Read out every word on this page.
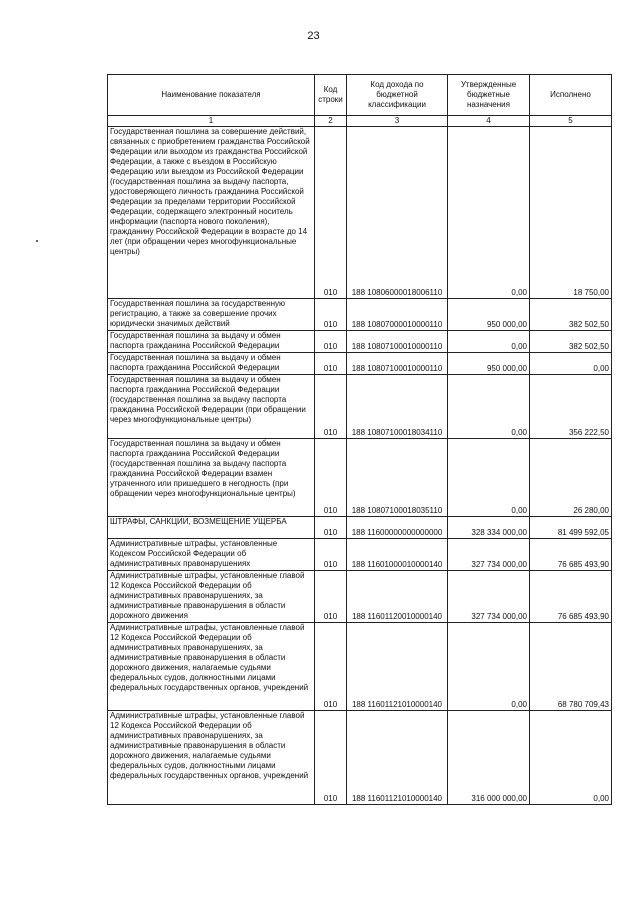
23
Наименование показателя	Код строки	Код дохода по бюджетной классификации	Утвержденные бюджетные назначения	Исполнено
1	2	3	4	5
Государственная пошлина за совершение действий, связанных с приобретением гражданства Российской Федерации или выходом из гражданства Российской Федерации, а также с въездом в Российскую Федерацию или выездом из Российской Федерации (государственная пошлина за выдачу паспорта, удостоверяющего личность гражданина Российской Федерации за пределами территории Российской Федерации, содержащего электронный носитель информации (паспорта нового поколения), гражданину Российской Федерации в возрасте до 14 лет (при обращении через многофункциональные центры)	010	188 10806000018006110	0,00	18 750,00
Государственная пошлина за государственную регистрацию, а также за совершение прочих юридически значимых действий	010	188 10807000010000110	950 000,00	382 502,50
Государственная пошлина за выдачу и обмен паспорта гражданина Российской Федерации	010	188 10807100010000110	0,00	382 502,50
Государственная пошлина за выдачу и обмен паспорта гражданина Российской Федерации	010	188 10807100010000110	950 000,00	0,00
Государственная пошлина за выдачу и обмен паспорта гражданина Российской Федерации (государственная пошлина за выдачу паспорта гражданина Российской Федерации (при обращении через многофункциональные центры)	010	188 10807100018034110	0,00	356 222,50
Государственная пошлина за выдачу и обмен паспорта гражданина Российской Федерации (государственная пошлина за выдачу паспорта гражданина Российской Федерации взамен утраченного или пришедшего в негодность (при обращении через многофункциональные центры)	010	188 10807100018035110	0,00	26 280,00
ШТРАФЫ, САНКЦИИ, ВОЗМЕЩЕНИЕ УЩЕРБА	010	188 11600000000000000	328 334 000,00	81 499 592,05
Административные штрафы, установленные Кодексом Российской Федерации об административных правонарушениях	010	188 11601000010000140	327 734 000,00	76 685 493,90
Административные штрафы, установленные главой 12 Кодекса Российской Федерации об административных правонарушениях, за административные правонарушения в области дорожного движения	010	188 11601120010000140	327 734 000,00	76 685 493,90
Административные штрафы, установленные главой 12 Кодекса Российской Федерации об административных правонарушениях, за административные правонарушения в области дорожного движения, налагаемые судьями федеральных судов, должностными лицами федеральных государственных органов, учреждений	010	188 11601121010000140	0,00	68 780 709,43
Административные штрафы, установленные главой 12 Кодекса Российской Федерации об административных правонарушениях, за административные правонарушения в области дорожного движения, налагаемые судьями федеральных судов, должностными лицами федеральных государственных органов, учреждений	010	188 11601121010000140	316 000 000,00	0,00
